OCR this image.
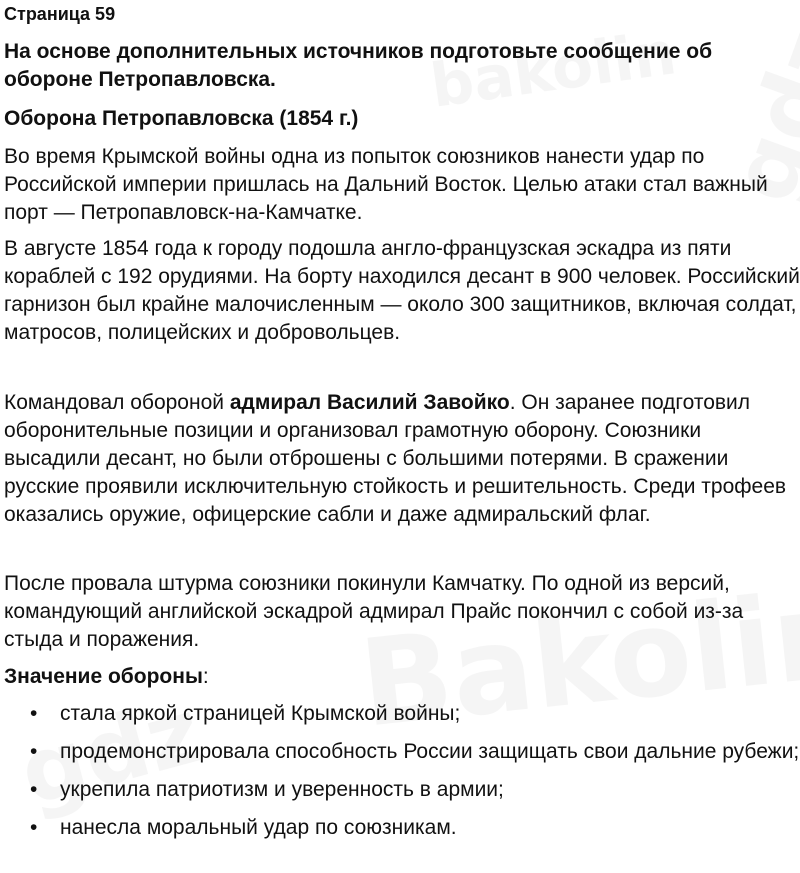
Страница 59
На основе дополнительных источников подготовьте сообщение об обороне Петропавловска.
Оборона Петропавловска (1854 г.)

Во время Крымской войны одна из попыток союзников нанести удар по Российской империи пришлась на Дальний Восток. Целью атаки стал важный порт — Петропавловск-на-Камчатке.

В августе 1854 года к городу подошла англо-французская эскадра из пяти кораблей с 192 орудиями. На борту находился десант в 900 человек. Российский гарнизон был крайне малочисленным — около 300 защитников, включая солдат, матросов, полицейских и добровольцев.

Командовал обороной адмирал Василий Завойко. Он заранее подготовил оборонительные позиции и организовал грамотную оборону. Союзники высадили десант, но были отброшены с большими потерями. В сражении русские проявили исключительную стойкость и решительность. Среди трофеев оказались оружие, офицерские сабли и даже адмиральский флаг.

После провала штурма союзники покинули Камчатку. По одной из версий, командующий английской эскадрой адмирал Прайс покончил с собой из-за стыда и поражения.

Значение обороны:
• стала яркой страницей Крымской войны;
• продемонстрировала способность России защищать свои дальние рубежи;
• укрепила патриотизм и уверенность в армии;
• нанесла моральный удар по союзникам.
